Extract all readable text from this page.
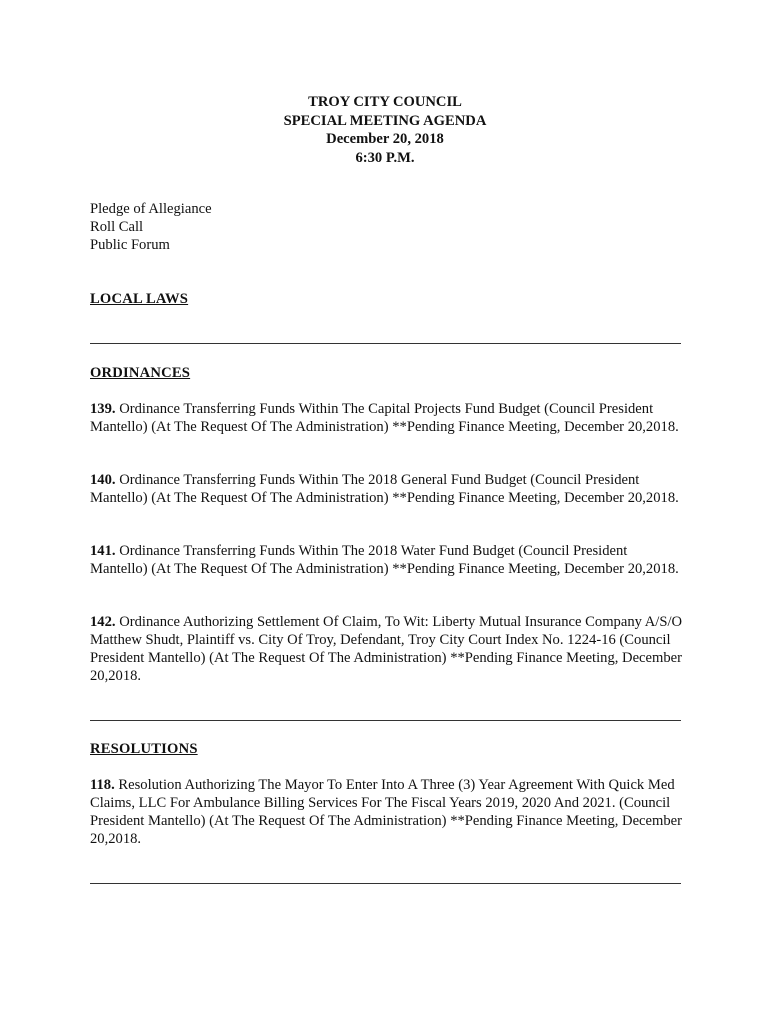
TROY CITY COUNCIL
SPECIAL MEETING AGENDA
December 20, 2018
6:30 P.M.
Pledge of Allegiance
Roll Call
Public Forum
LOCAL LAWS
ORDINANCES
139. Ordinance Transferring Funds Within The Capital Projects Fund Budget (Council President Mantello) (At The Request Of The Administration) **Pending Finance Meeting, December 20,2018.
140. Ordinance Transferring Funds Within The 2018 General Fund Budget (Council President Mantello) (At The Request Of The Administration) **Pending Finance Meeting, December 20,2018.
141. Ordinance Transferring Funds Within The 2018 Water Fund Budget (Council President Mantello) (At The Request Of The Administration) **Pending Finance Meeting, December 20,2018.
142. Ordinance Authorizing Settlement Of Claim, To Wit: Liberty Mutual Insurance Company A/S/O Matthew Shudt, Plaintiff vs. City Of Troy, Defendant, Troy City Court Index No. 1224-16 (Council President Mantello) (At The Request Of The Administration) **Pending Finance Meeting, December 20,2018.
RESOLUTIONS
118. Resolution Authorizing The Mayor To Enter Into A Three (3) Year Agreement With Quick Med Claims, LLC For Ambulance Billing Services For The Fiscal Years 2019, 2020 And 2021. (Council President Mantello) (At The Request Of The Administration) **Pending Finance Meeting, December 20,2018.
